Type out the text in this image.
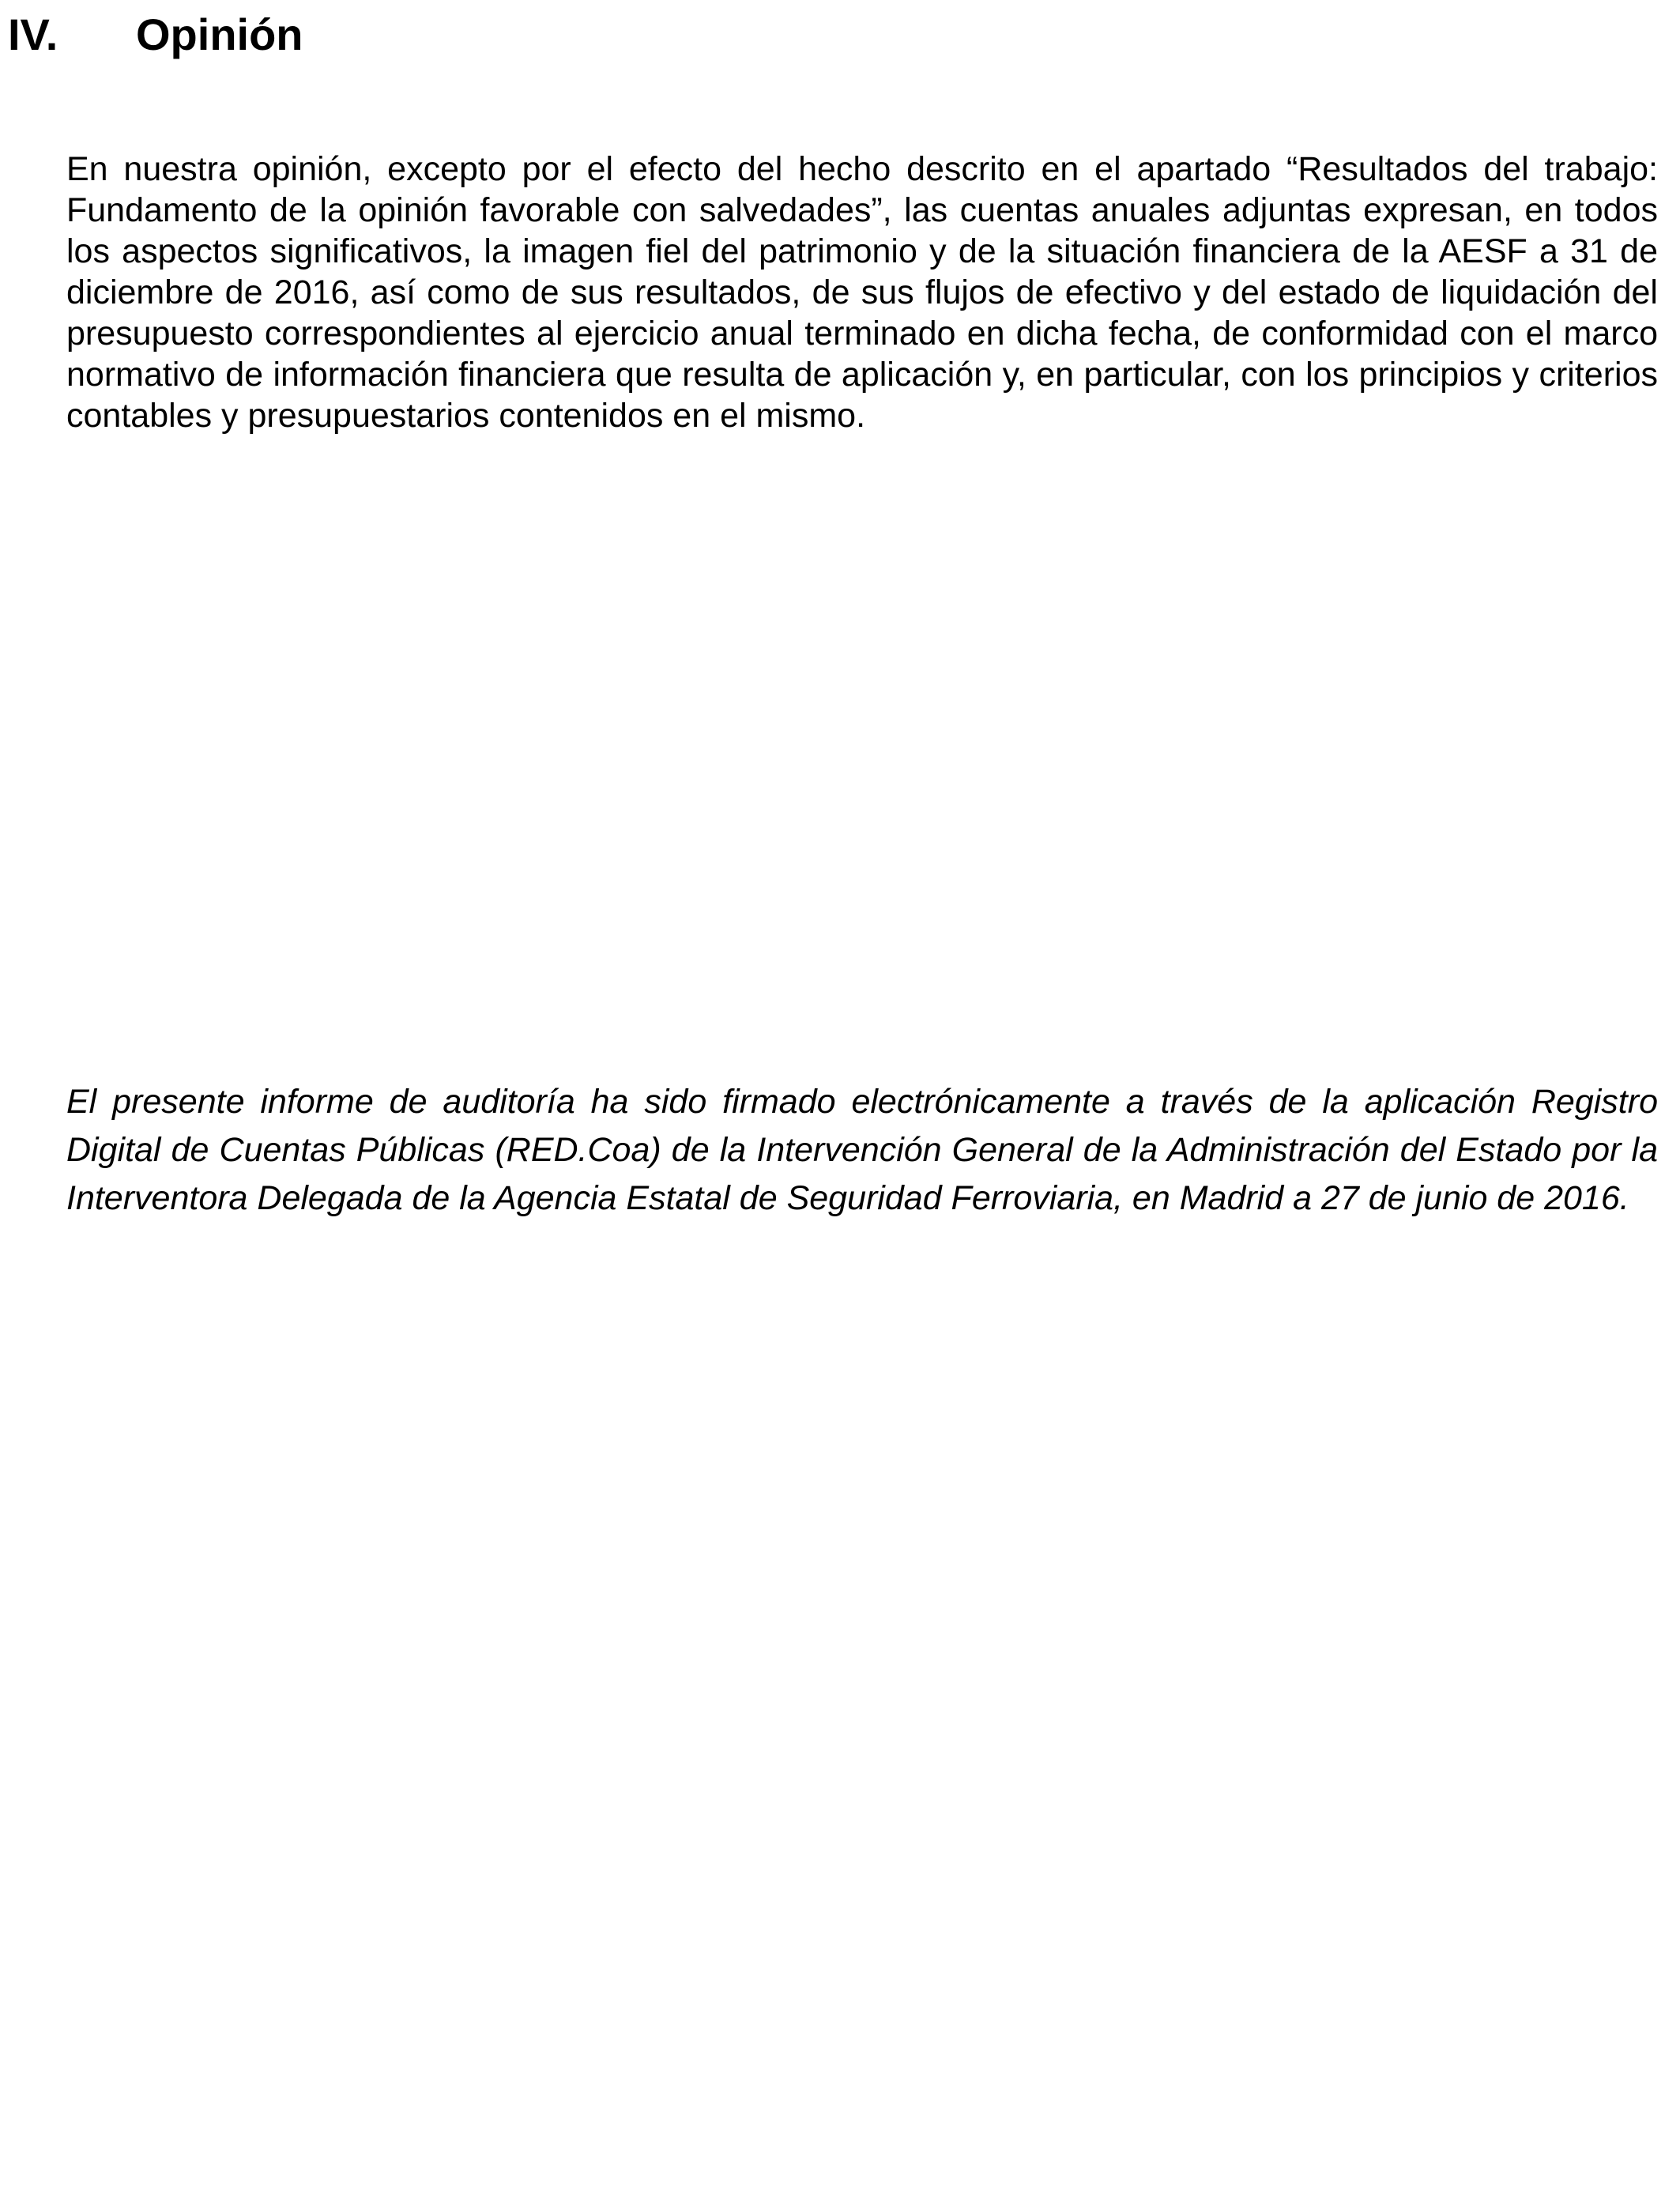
IV. Opinión

En nuestra opinión, excepto por el efecto del hecho descrito en el apartado “Resultados del trabajo: Fundamento de la opinión favorable con salvedades”, las cuentas anuales adjuntas expresan, en todos los aspectos significativos, la imagen fiel del patrimonio y de la situación financiera de la AESF a 31 de diciembre de 2016, así como de sus resultados, de sus flujos de efectivo y del estado de liquidación del presupuesto correspondientes al ejercicio anual terminado en dicha fecha, de conformidad con el marco normativo de información financiera que resulta de aplicación y, en particular, con los principios y criterios contables y presupuestarios contenidos en el mismo.

El presente informe de auditoría ha sido firmado electrónicamente a través de la aplicación Registro Digital de Cuentas Públicas (RED.Coa) de la Intervención General de la Administración del Estado por la Interventora Delegada de la Agencia Estatal de Seguridad Ferroviaria, en Madrid a 27 de junio de 2016.
